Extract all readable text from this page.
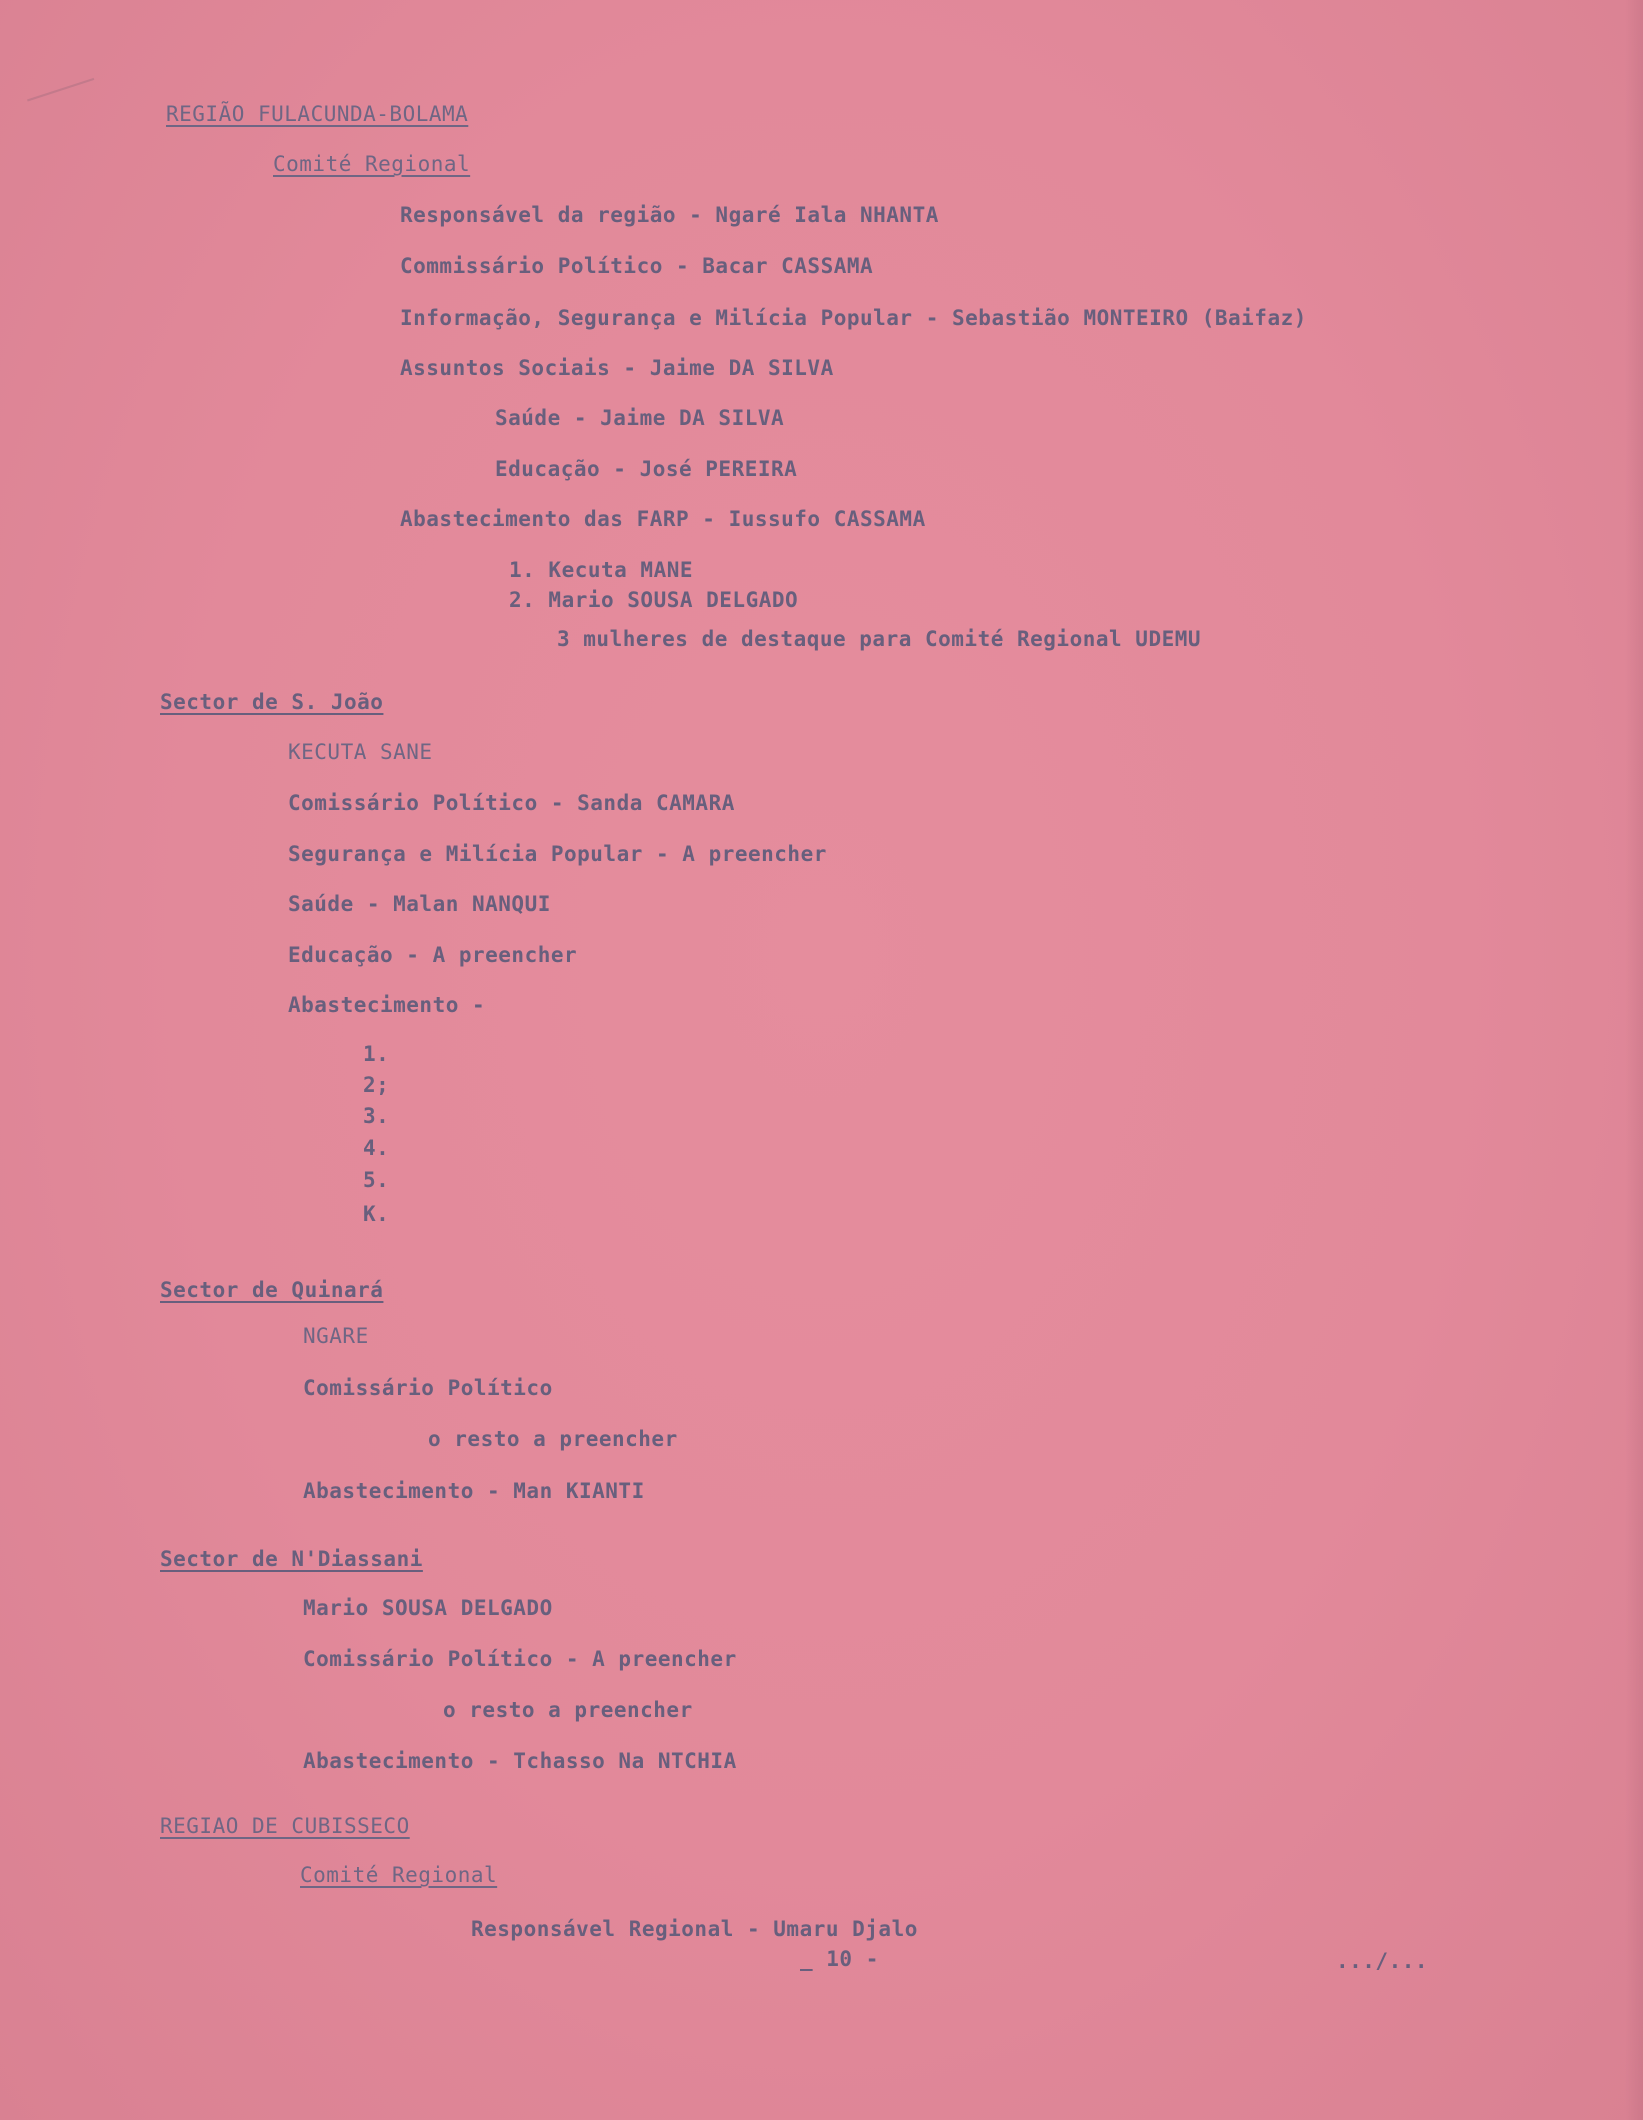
REGIÃO FULACUNDA-BOLAMA
Comité Regional
Responsável da região - Ngaré Iala NHANTA
Commissário Político - Bacar CASSAMA
Informação, Segurança e Milícia Popular - Sebastião MONTEIRO (Baifaz)
Assuntos Sociais - Jaime DA SILVA
Saúde - Jaime DA SILVA
Educação - José PEREIRA
Abastecimento das FARP - Iussufo CASSAMA
1. Kecuta MANE
2. Mario SOUSA DELGADO
3 mulheres de destaque para Comité Regional UDEMU
Sector de S. João
KECUTA SANE
Comissário Político - Sanda CAMARA
Segurança e Milícia Popular - A preencher
Saúde - Malan NANQUI
Educação - A preencher
Abastecimento -
1.
2;
3.
4.
5.
K.
Sector de Quinará
NGARE
Comissário Político
o resto a preencher
Abastecimento - Man KIANTI
Sector de N'Diassani
Mario SOUSA DELGADO
Comissário Político - A preencher
o resto a preencher
Abastecimento - Tchasso Na NTCHIA
REGIAO DE CUBISSECO
Comité Regional
Responsável Regional - Umaru Djalo
_ 10 -	.../...
